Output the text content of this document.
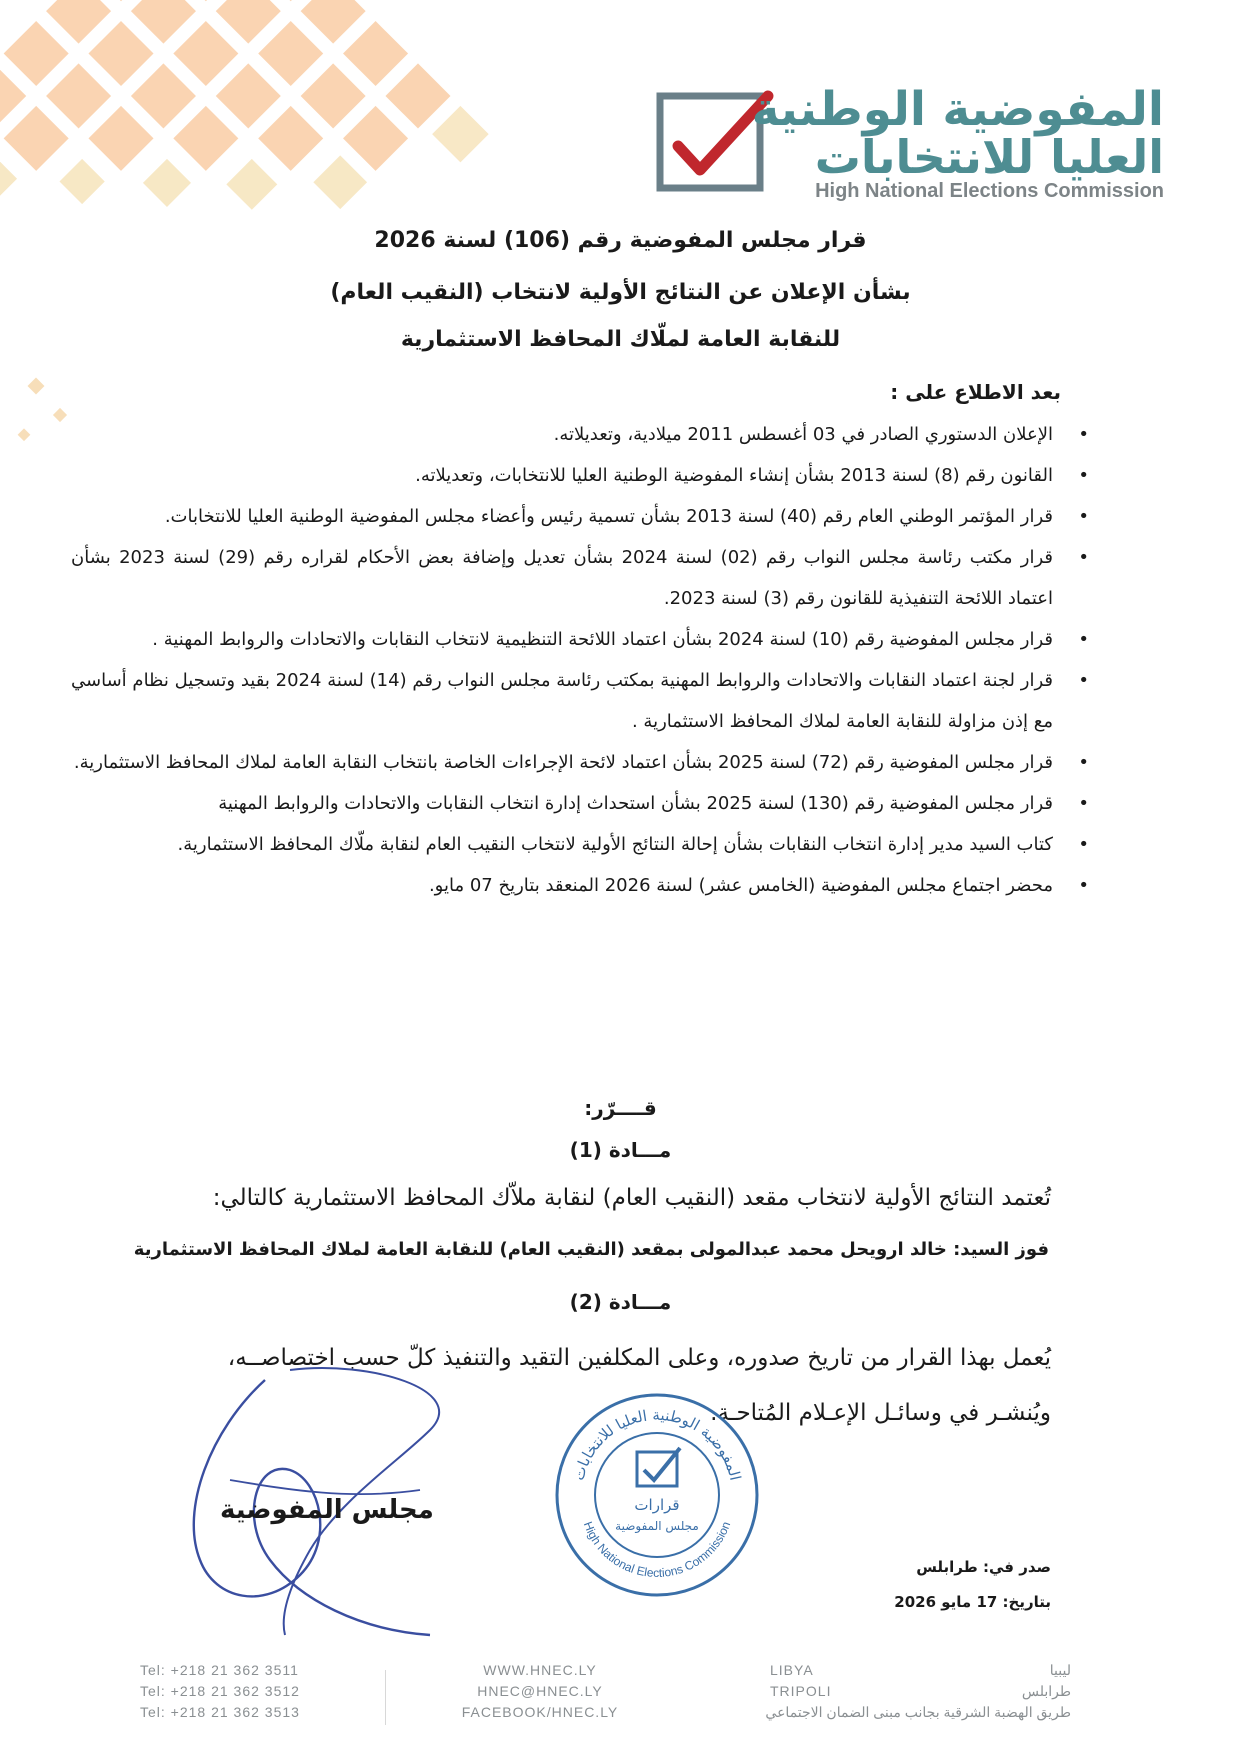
المفوضية الوطنية
العليا للانتخابات
High National Elections Commission
قرار مجلس المفوضية رقم (106) لسنة 2026
بشأن الإعلان عن النتائج الأولية لانتخاب (النقيب العام)
للنقابة العامة لملّاك المحافظ الاستثمارية
بعد الاطلاع على :
• الإعلان الدستوري الصادر في 03 أغسطس 2011 ميلادية، وتعديلاته.
• القانون رقم (8) لسنة 2013 بشأن إنشاء المفوضية الوطنية العليا للانتخابات، وتعديلاته.
• قرار المؤتمر الوطني العام رقم (40) لسنة 2013 بشأن تسمية رئيس وأعضاء مجلس المفوضية الوطنية العليا للانتخابات.
• قرار مكتب رئاسة مجلس النواب رقم (02) لسنة 2024 بشأن تعديل وإضافة بعض الأحكام لقراره رقم (29) لسنة 2023 بشأن اعتماد اللائحة التنفيذية للقانون رقم (3) لسنة 2023.
• قرار مجلس المفوضية رقم (10) لسنة 2024 بشأن اعتماد اللائحة التنظيمية لانتخاب النقابات والاتحادات والروابط المهنية .
• قرار لجنة اعتماد النقابات والاتحادات والروابط المهنية بمكتب رئاسة مجلس النواب رقم (14) لسنة 2024 بقيد وتسجيل نظام أساسي مع إذن مزاولة للنقابة العامة لملاك المحافظ الاستثمارية .
• قرار مجلس المفوضية رقم (72) لسنة 2025 بشأن اعتماد لائحة الإجراءات الخاصة بانتخاب النقابة العامة لملاك المحافظ الاستثمارية.
• قرار مجلس المفوضية رقم (130) لسنة 2025 بشأن استحداث إدارة انتخاب النقابات والاتحادات والروابط المهنية
• كتاب السيد مدير إدارة انتخاب النقابات بشأن إحالة النتائج الأولية لانتخاب النقيب العام لنقابة ملّاك المحافظ الاستثمارية.
• محضر اجتماع مجلس المفوضية (الخامس عشر) لسنة 2026 المنعقد بتاريخ 07 مايو.
قــــرّر:
مـــادة (1)
تُعتمد النتائج الأولية لانتخاب مقعد (النقيب العام) لنقابة ملاّك المحافظ الاستثمارية كالتالي:
فوز السيد: خالد ارويحل محمد عبدالمولى بمقعد (النقيب العام) للنقابة العامة لملاك المحافظ الاستثمارية
مـــادة (2)
يُعمل بهذا القرار من تاريخ صدوره، وعلى المكلفين التقيد والتنفيذ كلّ حسب اختصاصــه،
ويُنشـر في وسائـل الإعـلام المُتاحـة.
مجلس المفوضية
المفوضية الوطنية العليا للانتخابات
High National Elections Commission
قرارات
مجلس المفوضية
صدر في: طرابلس
بتاريخ: 17 مايو 2026
Tel: +218 21 362 3511
Tel: +218 21 362 3512
Tel: +218 21 362 3513
WWW.HNEC.LY
HNEC@HNEC.LY
FACEBOOK/HNEC.LY
LIBYA
TRIPOLI
ليبيا
طرابلس
طريق الهضبة الشرقية بجانب مبنى الضمان الاجتماعي
